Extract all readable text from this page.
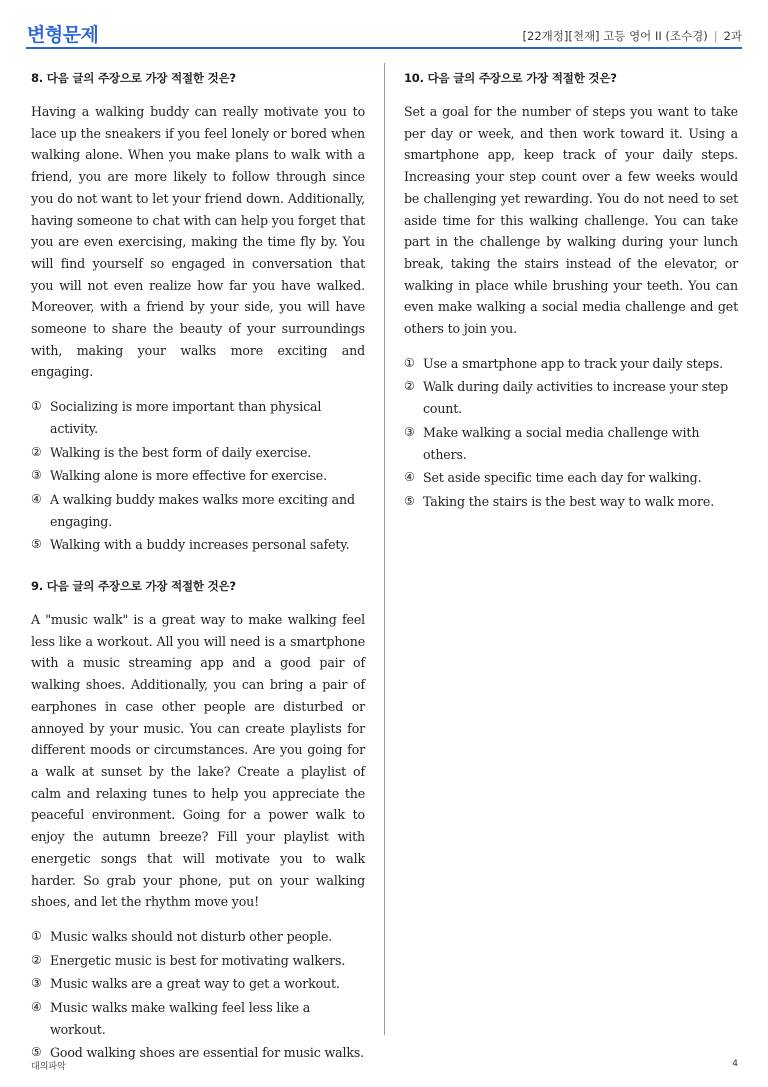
변형문제	[22개정][천재] 고등 영어 II (조수경) | 2과
8. 다음 글의 주장으로 가장 적절한 것은?

Having a walking buddy can really motivate you to lace up the sneakers if you feel lonely or bored when walking alone. When you make plans to walk with a friend, you are more likely to follow through since you do not want to let your friend down. Additionally, having someone to chat with can help you forget that you are even exercising, making the time fly by. You will find yourself so engaged in conversation that you will not even realize how far you have walked. Moreover, with a friend by your side, you will have someone to share the beauty of your surroundings with, making your walks more exciting and engaging.

① Socializing is more important than physical activity.
② Walking is the best form of daily exercise.
③ Walking alone is more effective for exercise.
④ A walking buddy makes walks more exciting and engaging.
⑤ Walking with a buddy increases personal safety.
9. 다음 글의 주장으로 가장 적절한 것은?

A "music walk" is a great way to make walking feel less like a workout. All you will need is a smartphone with a music streaming app and a good pair of walking shoes. Additionally, you can bring a pair of earphones in case other people are disturbed or annoyed by your music. You can create playlists for different moods or circumstances. Are you going for a walk at sunset by the lake? Create a playlist of calm and relaxing tunes to help you appreciate the peaceful environment. Going for a power walk to enjoy the autumn breeze? Fill your playlist with energetic songs that will motivate you to walk harder. So grab your phone, put on your walking shoes, and let the rhythm move you!

① Music walks should not disturb other people.
② Energetic music is best for motivating walkers.
③ Music walks are a great way to get a workout.
④ Music walks make walking feel less like a workout.
⑤ Good walking shoes are essential for music walks.
10. 다음 글의 주장으로 가장 적절한 것은?

Set a goal for the number of steps you want to take per day or week, and then work toward it. Using a smartphone app, keep track of your daily steps. Increasing your step count over a few weeks would be challenging yet rewarding. You do not need to set aside time for this walking challenge. You can take part in the challenge by walking during your lunch break, taking the stairs instead of the elevator, or walking in place while brushing your teeth. You can even make walking a social media challenge and get others to join you.

① Use a smartphone app to track your daily steps.
② Walk during daily activities to increase your step count.
③ Make walking a social media challenge with others.
④ Set aside specific time each day for walking.
⑤ Taking the stairs is the best way to walk more.
대의파악	4
